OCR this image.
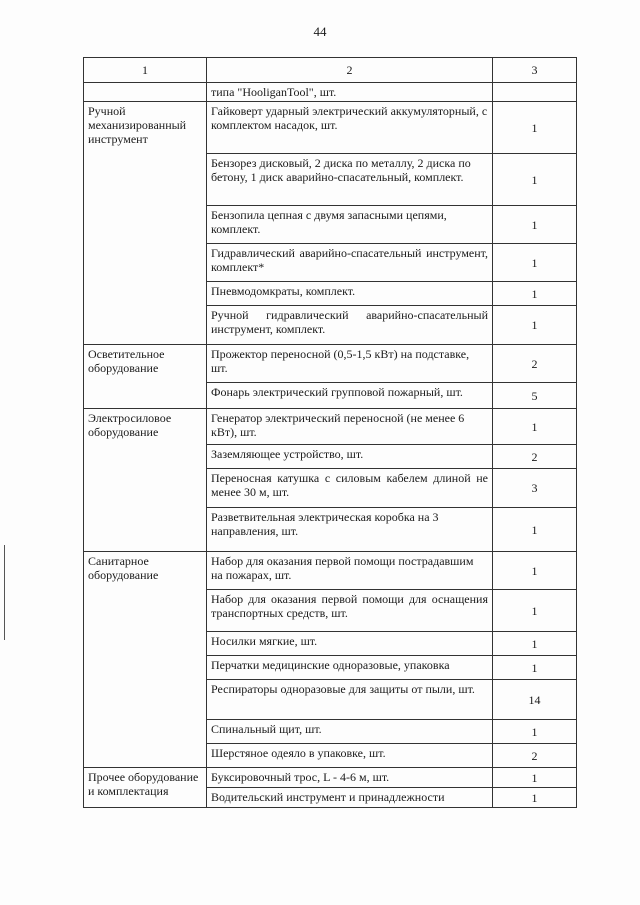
44
1	2	3
	типа "HooliganTool", шт.	
Ручной механизированный инструмент	Гайковерт ударный электрический аккумуляторный, с комплектом насадок, шт.	1
	Бензорез дисковый, 2 диска по металлу, 2 диска по бетону, 1 диск аварийно-спасательный, комплект.	1
	Бензопила цепная с двумя запасными цепями, комплект.	1
	Гидравлический аварийно-спасательный инструмент, комплект*	1
	Пневмодомкраты, комплект.	1
	Ручной гидравлический аварийно-спасательный инструмент, комплект.	1
Осветительное оборудование	Прожектор переносной (0,5-1,5 кВт) на подставке, шт.	2
	Фонарь электрический групповой пожарный, шт.	5
Электросиловое оборудование	Генератор электрический переносной (не менее 6 кВт), шт.	1
	Заземляющее устройство, шт.	2
	Переносная катушка с силовым кабелем длиной не менее 30 м, шт.	3
	Разветвительная электрическая коробка на 3 направления, шт.	1
Санитарное оборудование	Набор для оказания первой помощи пострадавшим на пожарах, шт.	1
	Набор для оказания первой помощи для оснащения транспортных средств, шт.	1
	Носилки мягкие, шт.	1
	Перчатки медицинские одноразовые, упаковка	1
	Респираторы одноразовые для защиты от пыли, шт.	14
	Спинальный щит, шт.	1
	Шерстяное одеяло в упаковке, шт.	2
Прочее оборудование и комплектация	Буксировочный трос, L - 4-6 м, шт.	1
	Водительский инструмент и принадлежности	1
